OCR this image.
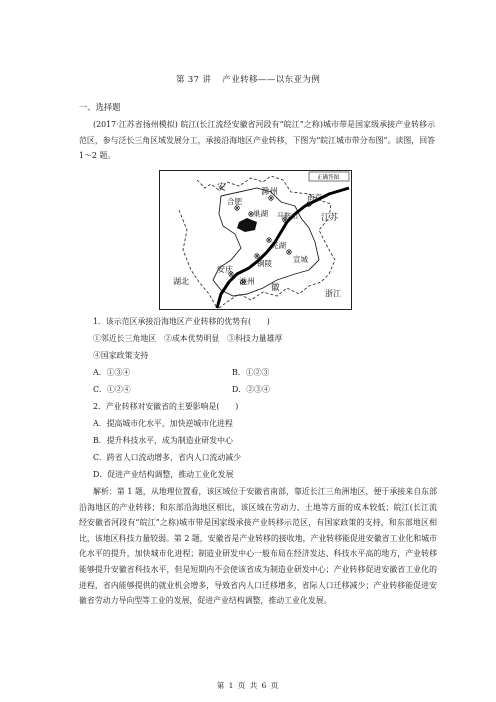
第 37 讲 产业转移——以东亚为例
一、选择题
(2017·江苏省扬州模拟) 皖江(长江流经安徽省河段有“皖江”之称)城市带是国家级承接产业转移示范区，参与泛长三角区域发展分工，承接沿海地区产业转移，下图为“皖江城市带分布图”。读图，回答 1～2 题。
正确答图
安	滁州
合肥
巢湖 马鞍山
南京
江苏
芜湖
铜陵	宣城
安庆
池州
湖北
徽
浙江
1．该示范区承接沿海地区产业转移的优势有(　　)
①邻近长三角地区　②成本优势明显　③科技力量雄厚
④国家政策支持
A．①③④	B．①②③
C．①②④	D．②③④
2．产业转移对安徽省的主要影响是(　　)
A．提高城市化水平，加快逆城市化进程
B．提升科技水平，成为制造业研发中心
C．跨省人口流动增多，省内人口流动减少
D．促进产业结构调整，推动工业化发展
解析：第 1 题，从地理位置看，该区域位于安徽省南部，靠近长江三角洲地区，便于承接来自东部沿海地区的产业转移；和东部沿海地区相比，该区域在劳动力、土地等方面的成本较低；皖江(长江流经安徽省河段有“皖江”之称)城市带是国家级承接产业转移示范区，有国家政策的支持，和东部地区相比，该地区科技力量较弱。第 2 题，安徽省是产业转移的接收地，产业转移能促进安徽省工业化和城市化水平的提升，加快城市化进程；制造业研发中心一般布局在经济发达、科技水平高的地方，产业转移能够提升安徽省科技水平，但是短期内不会使该省成为制造业研发中心；产业转移促进安徽省工业化的进程，省内能够提供的就业机会增多，导致省内人口迁移增多，省际人口迁移减少；产业转移能促进安徽省劳动力导向型等工业的发展，促进产业结构调整，推动工业化发展。
第 1 页 共 6 页
